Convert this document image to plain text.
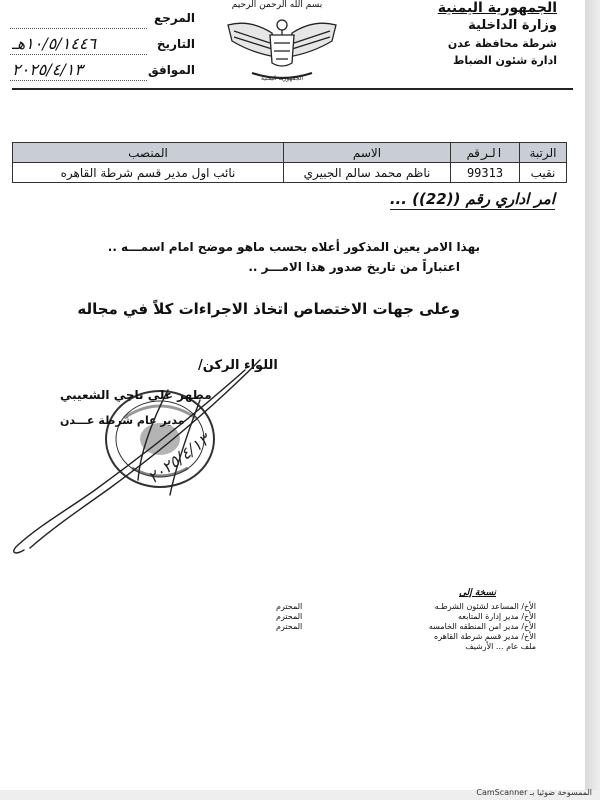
الجمهورية اليمنية
وزارة الداخلية
شرطة محافظة عدن
ادارة شئون الضباط
بسم الله الرحمن الرحيم
الجمهورية اليمنية
المرجع
التاريخ
١٠/٥/١٤٤٦هـ
الموافق
٢٠٢٥/٤/١٣
الرتبة	الرقم	الاسم	المنصب
نقيب	99313	ناظم محمد سالم الجبيري	نائب اول مدير قسم شرطة القاهره
امر اداري رقم ((22)) ...
بهذا الامر يعين المذكور أعلاه بحسب ماهو موضح امام اسمـــه ..
اعتباراً من تاريخ صدور هذا الامـــر ..
وعلى جهات الاختصاص اتخاذ الاجراءات كلاً في مجاله
اللواء الركن/
مطهر علي ناجي الشعيبي
مدير عام شرطة عـــدن
٢٠٢٥/٤/١٣
نسخة إلى
الأخ/ المساعد لشئون الشرطـه
المحترم
الأخ/ مدير إدارة المتابعه
المحترم
الأخ/ مدير امن المنطقه الخامسه
المحترم
الأخ/ مدير قسم شرطة القاهره
ملف عام ... الأرشيف
الممسوحة ضوئيا بـ CamScanner
